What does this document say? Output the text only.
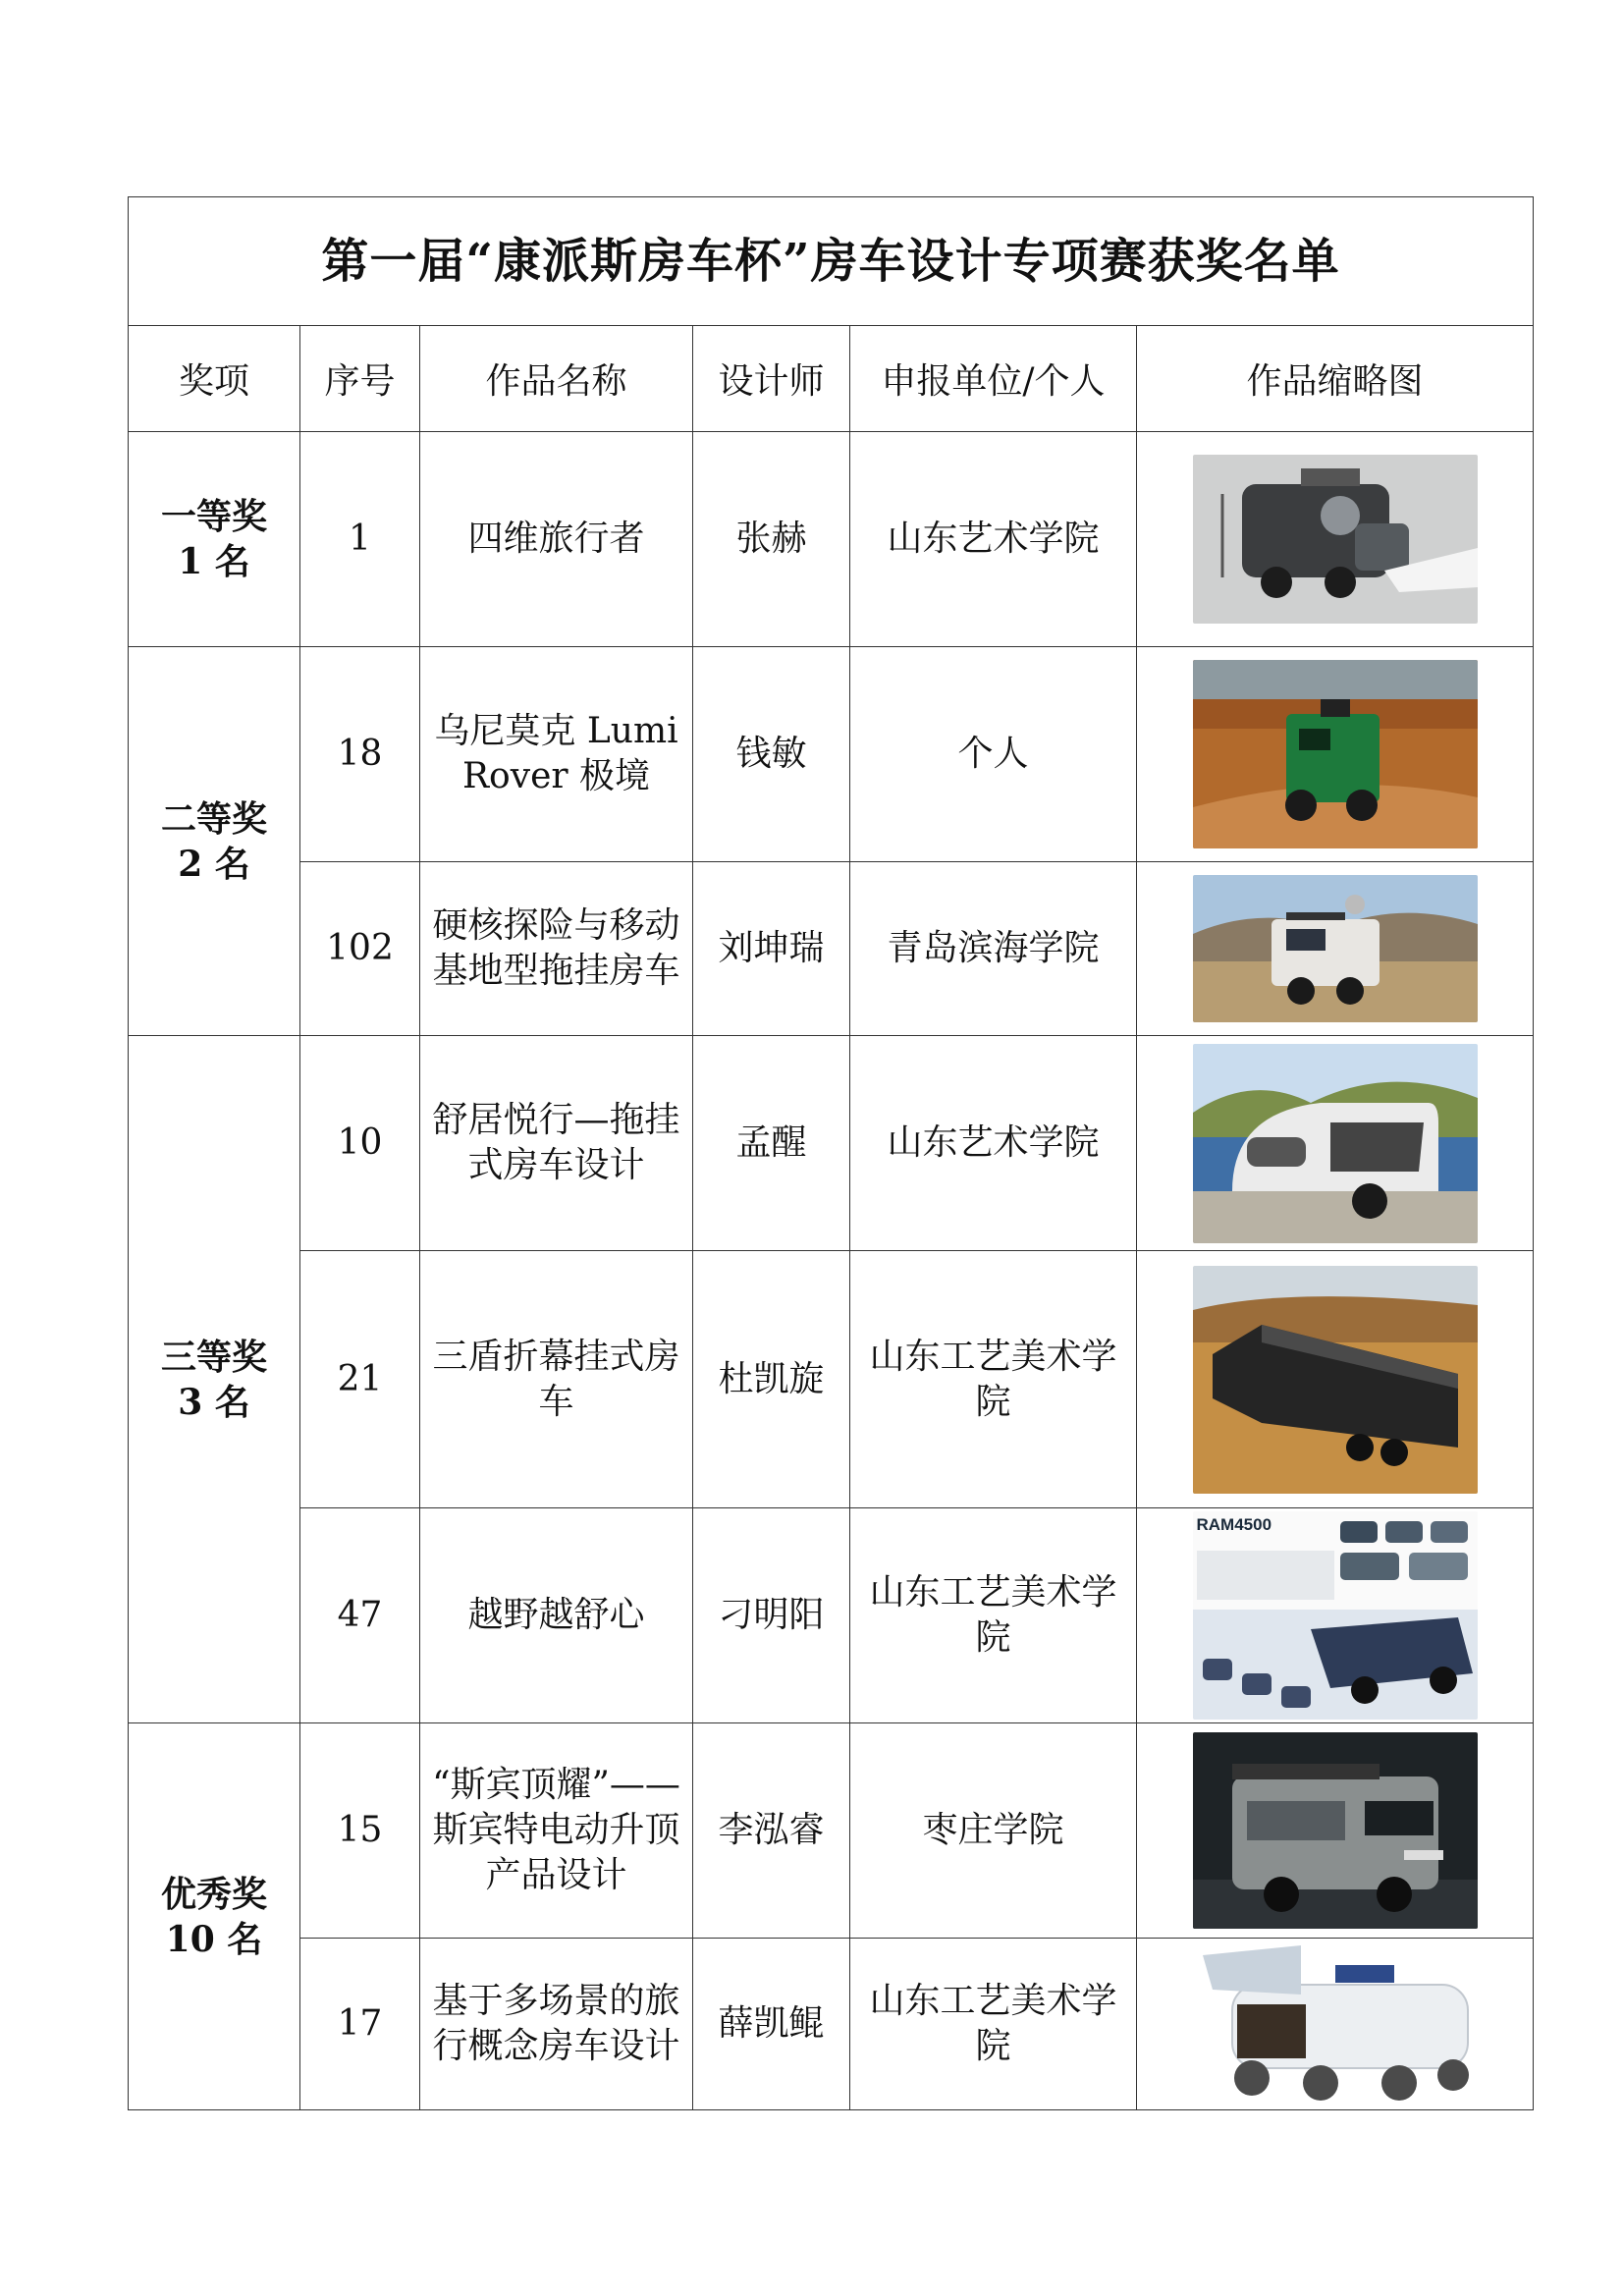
第一届“康派斯房车杯”房车设计专项赛获奖名单					
奖项	序号	作品名称	设计师	申报单位/个人	作品缩略图

一等奖
1 名	1	四维旅行者	张赫	山东艺术学院	

二等奖
2 名	18	乌尼莫克 Lumi Rover 极境	钱敏	个人	

	102	硬核探险与移动基地型拖挂房车	刘坤瑞	青岛滨海学院	

三等奖
3 名	10	舒居悦行—拖挂式房车设计	孟醒	山东艺术学院	

	21	三盾折幕挂式房车	杜凯旋	山东工艺美术学院	

	47	越野越舒心	刁明阳	山东工艺美术学院	RAM4500

优秀奖
10 名	15	“斯宾顶耀”——斯宾特电动升顶产品设计	李泓睿	枣庄学院	

	17	基于多场景的旅行概念房车设计	薛凯鲲	山东工艺美术学院	
